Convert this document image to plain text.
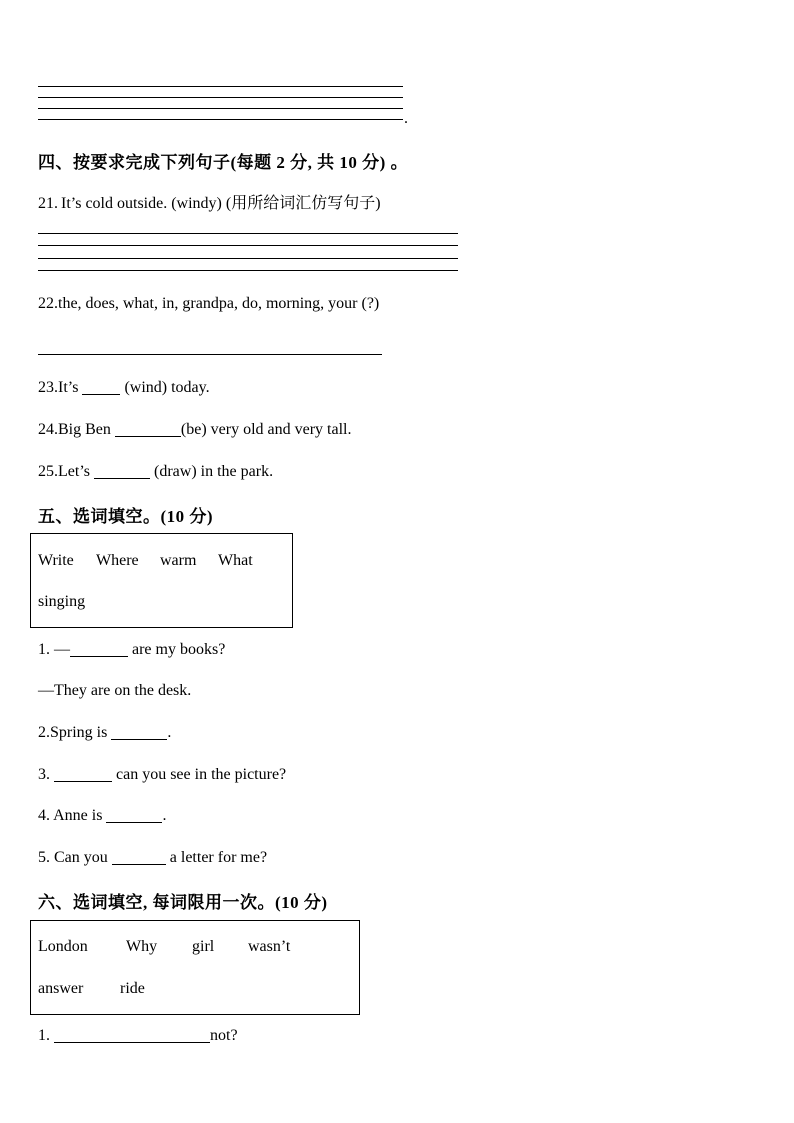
.
四、按要求完成下列句子(每题 2 分, 共 10 分) 。
21. It’s cold outside. (windy) (用所给词汇仿写句子)
22.the, does, what, in, grandpa, do, morning, your (?)
23.It’s	(wind) today.
24.Big Ben	(be) very old and very tall.
25.Let’s	(draw) in the park.
五、选词填空。(10 分)
Write Where warm What
singing
1. —	are my books?
—They are on the desk.
2.Spring is	.
3.	can you see in the picture?
4. Anne is	.
5. Can you	a letter for me?
六、选词填空, 每词限用一次。(10 分)
London Why girl wasn’t
answer ride
1.	not?
